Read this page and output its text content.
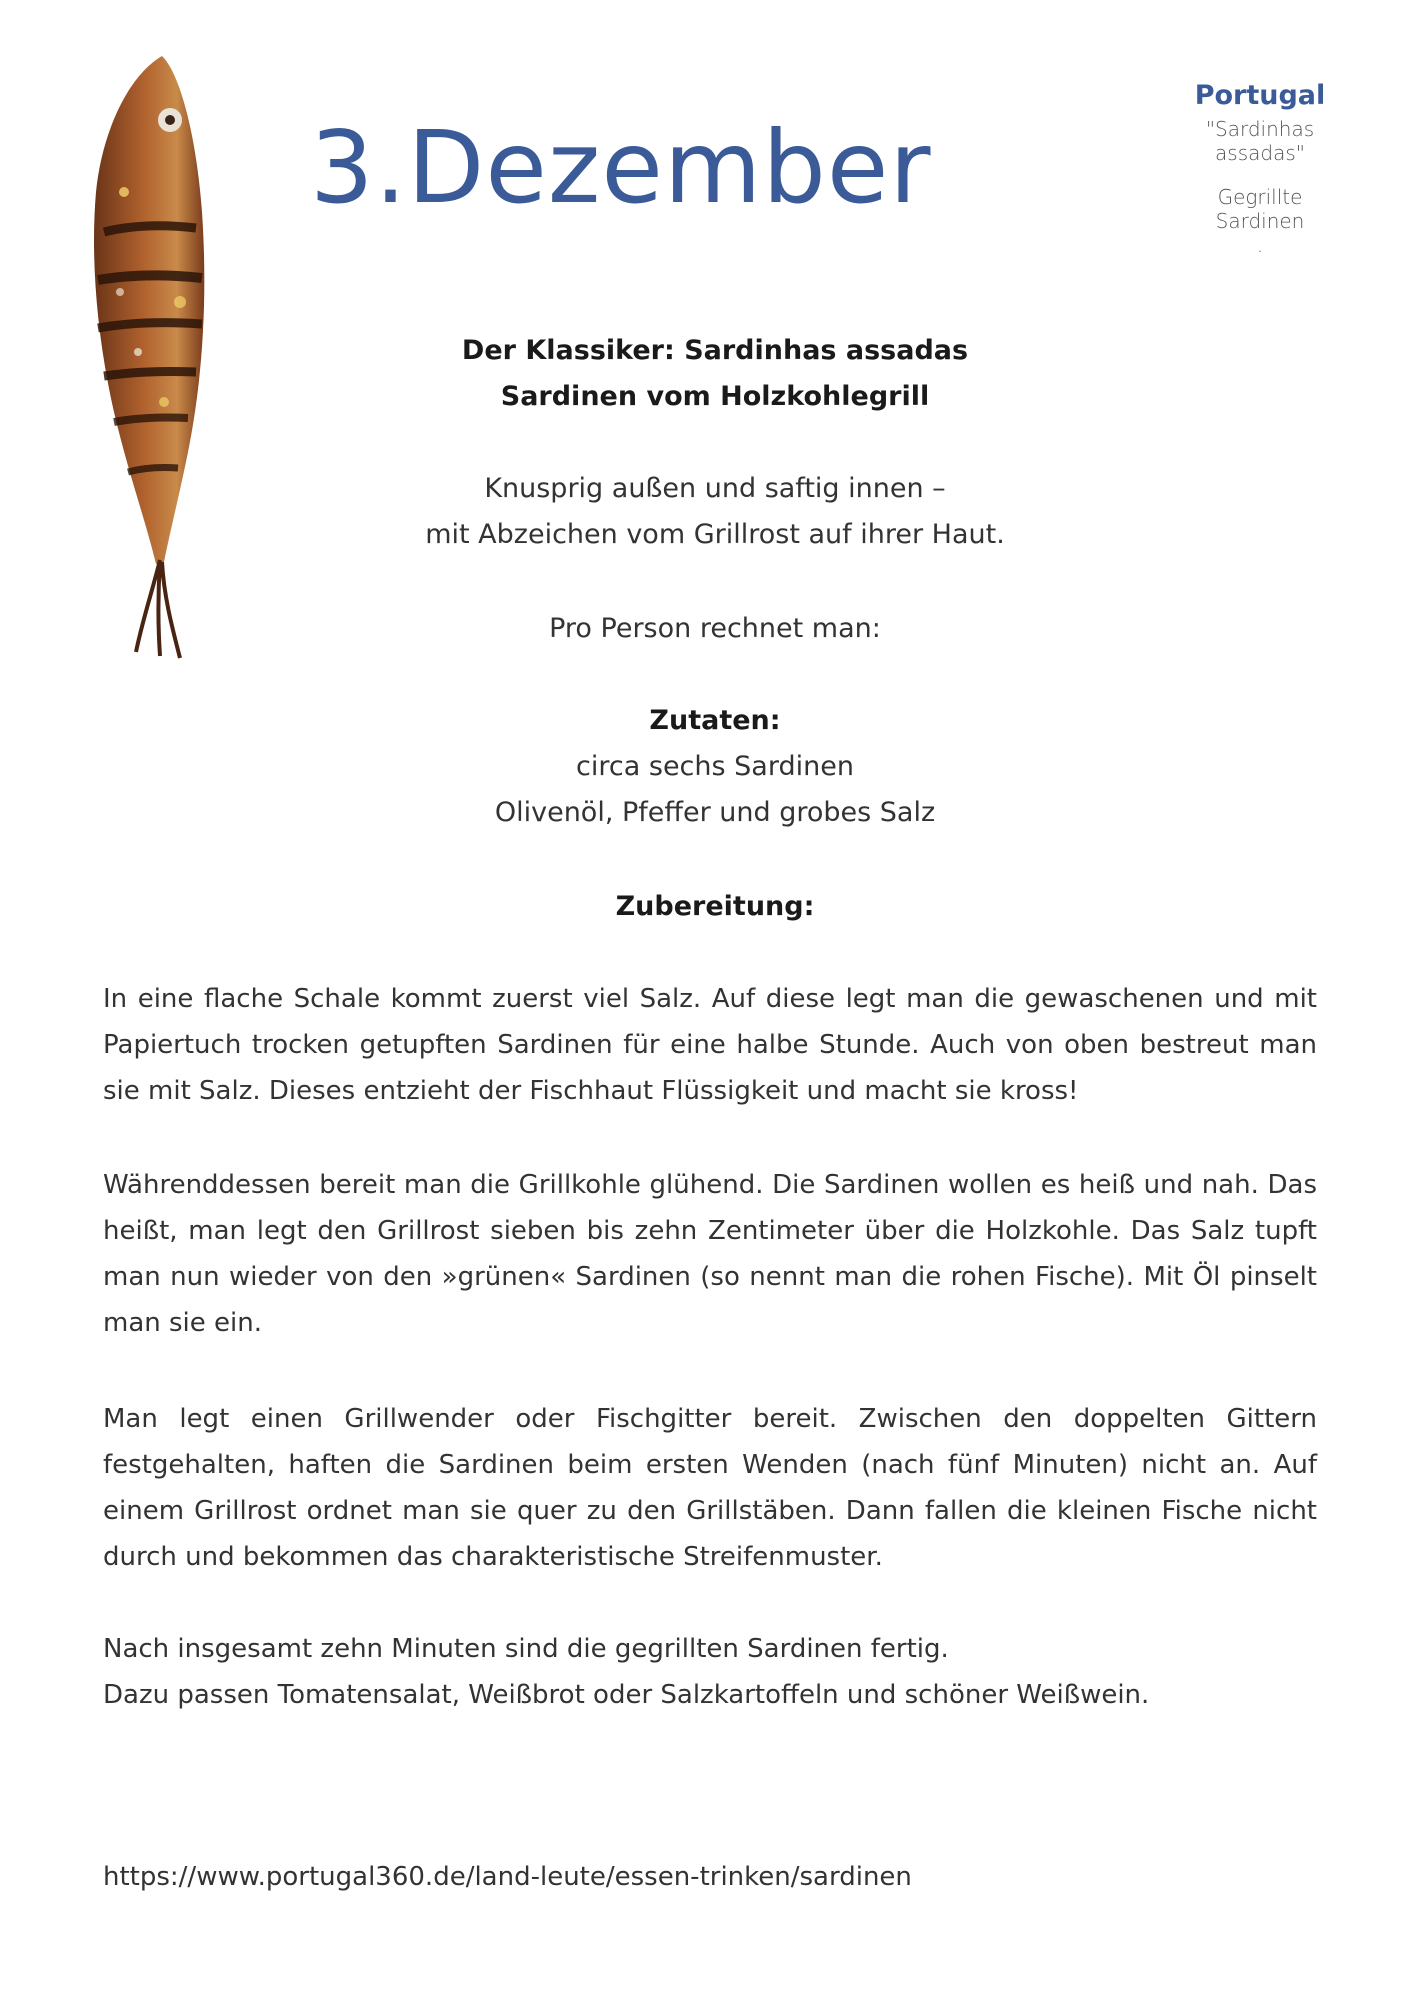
3.Dezember
Portugal
"Sardinhas
assadas"
Gegrillte
Sardinen
.
Der Klassiker: Sardinhas assadas
Sardinen vom Holzkohlegrill
Knusprig außen und saftig innen –
mit Abzeichen vom Grillrost auf ihrer Haut.
Pro Person rechnet man:
Zutaten:
circa sechs Sardinen
Olivenöl, Pfeffer und grobes Salz
Zubereitung:
In eine flache Schale kommt zuerst viel Salz. Auf diese legt man die gewaschenen und mit Papiertuch trocken getupften Sardinen für eine halbe Stunde. Auch von oben bestreut man sie mit Salz. Dieses entzieht der Fischhaut Flüssigkeit und macht sie kross!
Währenddessen bereit man die Grillkohle glühend. Die Sardinen wollen es heiß und nah. Das heißt, man legt den Grillrost sieben bis zehn Zentimeter über die Holzkohle. Das Salz tupft man nun wieder von den »grünen« Sardinen (so nennt man die rohen Fische). Mit Öl pinselt man sie ein.
Man legt einen Grillwender oder Fischgitter bereit. Zwischen den doppelten Gittern festgehalten, haften die Sardinen beim ersten Wenden (nach fünf Minuten) nicht an. Auf einem Grillrost ordnet man sie quer zu den Grillstäben. Dann fallen die kleinen Fische nicht durch und bekommen das charakteristische Streifenmuster.
Nach insgesamt zehn Minuten sind die gegrillten Sardinen fertig.
Dazu passen Tomatensalat, Weißbrot oder Salzkartoffeln und schöner Weißwein.
https://www.portugal360.de/land-leute/essen-trinken/sardinen
